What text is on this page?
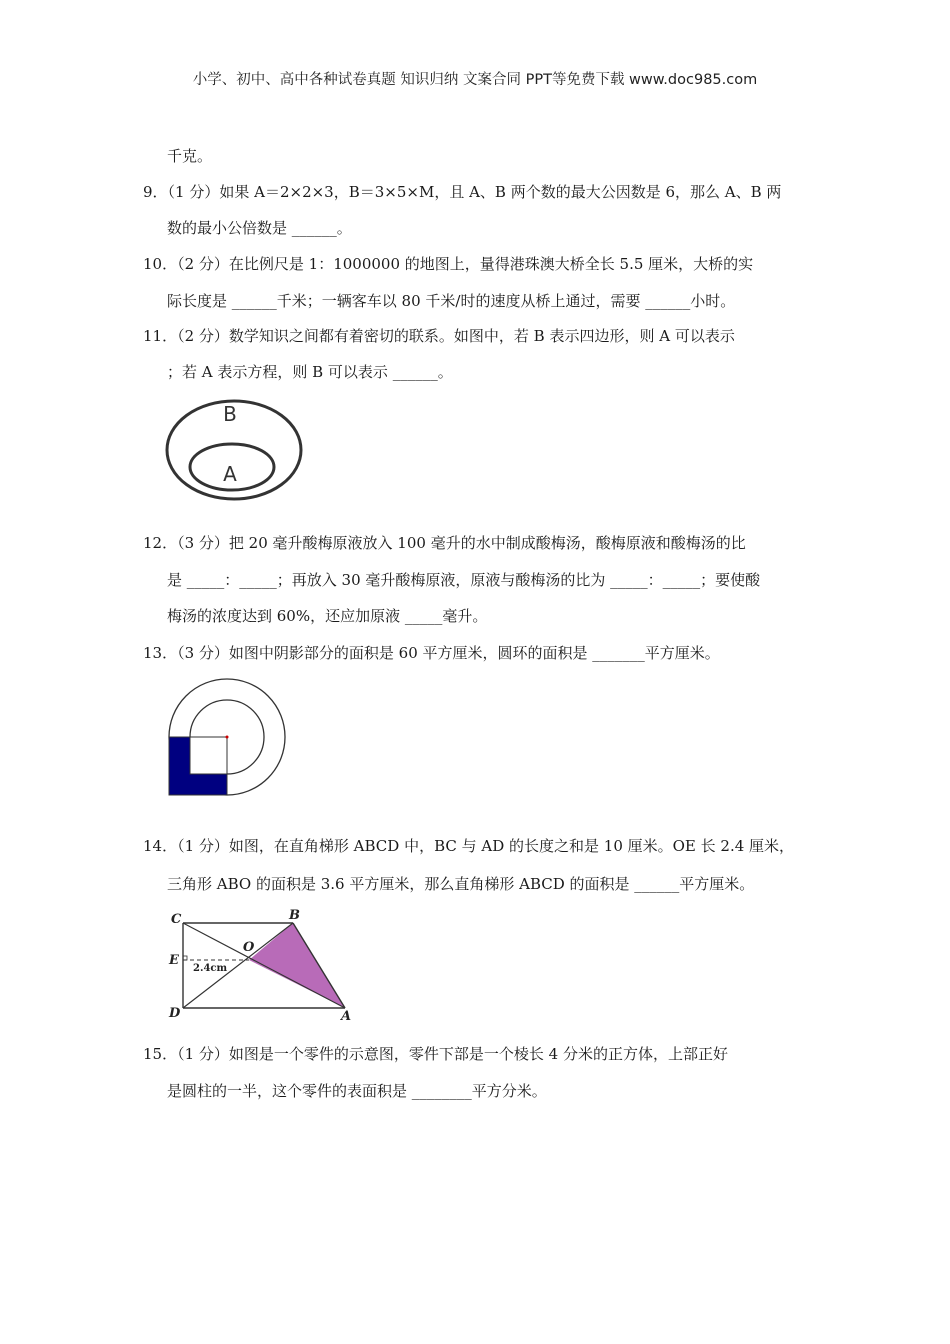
小学、初中、高中各种试卷真题 知识归纳 文案合同 PPT等免费下载 www.doc985.com
千克。
9．（1 分）如果 A＝2×2×3，B＝3×5×M，且 A、B 两个数的最大公因数是 6，那么 A、B 两
数的最小公倍数是 ______。
10．（2 分）在比例尺是 1：1000000 的地图上，量得港珠澳大桥全长 5.5 厘米，大桥的实
际长度是 ______千米；一辆客车以 80 千米/时的速度从桥上通过，需要 ______小时。
11．（2 分）数学知识之间都有着密切的联系。如图中，若 B 表示四边形，则 A 可以表示
；若 A 表示方程，则 B 可以表示 ______。
B
A
12．（3 分）把 20 毫升酸梅原液放入 100 毫升的水中制成酸梅汤，酸梅原液和酸梅汤的比
是 _____：_____；再放入 30 毫升酸梅原液，原液与酸梅汤的比为 _____：_____；要使酸
梅汤的浓度达到 60%，还应加原液 _____毫升。
13．（3 分）如图中阴影部分的面积是 60 平方厘米，圆环的面积是 _______平方厘米。
14．（1 分）如图，在直角梯形 ABCD 中，BC 与 AD 的长度之和是 10 厘米。OE 长 2.4 厘米，
三角形 ABO 的面积是 3.6 平方厘米，那么直角梯形 ABCD 的面积是 ______平方厘米。
C	B
E
O
D	A
2.4cm
15．（1 分）如图是一个零件的示意图，零件下部是一个棱长 4 分米的正方体，上部正好
是圆柱的一半，这个零件的表面积是 ________平方分米。
